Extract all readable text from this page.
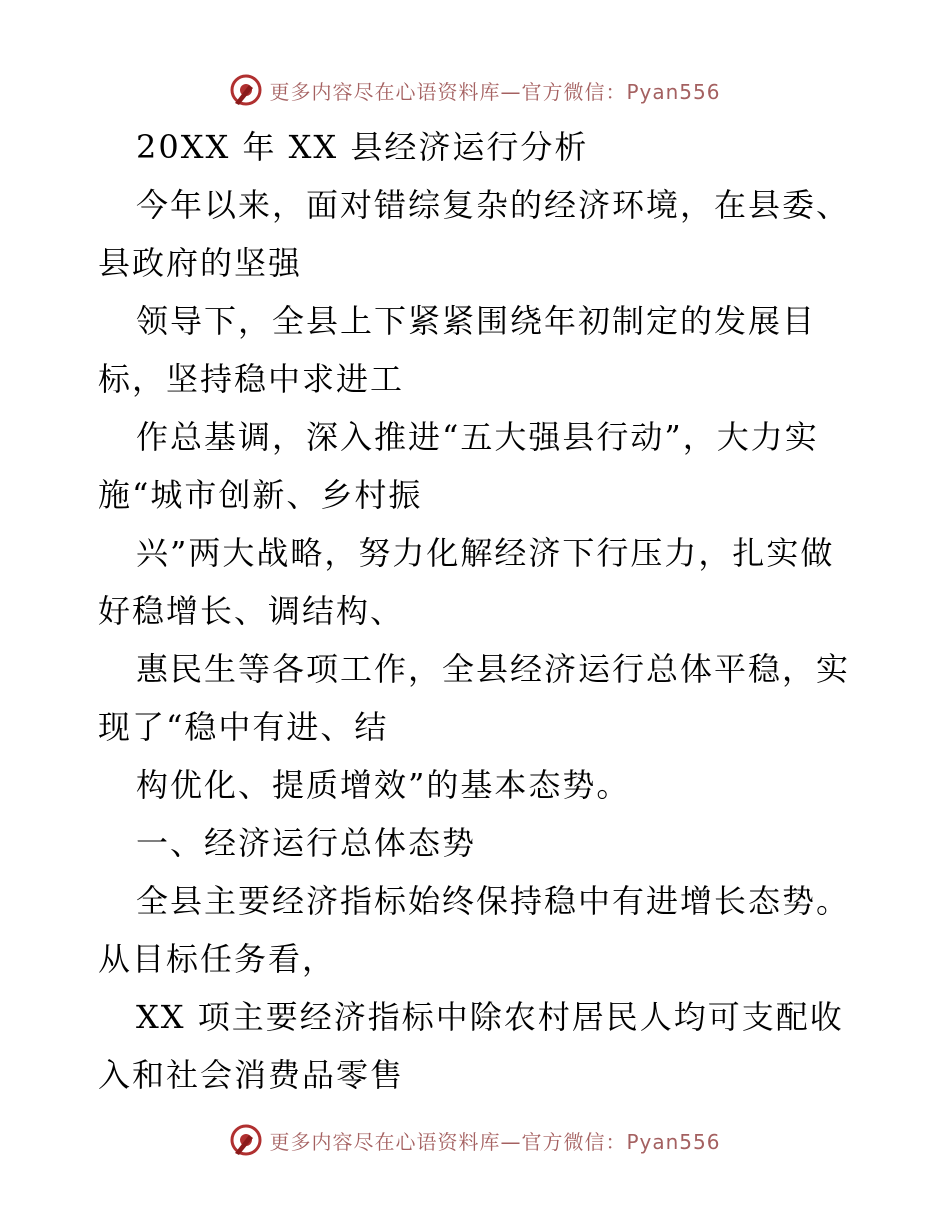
更多内容尽在心语资料库—官方微信：Pyan556
20XX 年 XX 县经济运行分析
今年以来，面对错综复杂的经济环境，在县委、
县政府的坚强
领导下，全县上下紧紧围绕年初制定的发展目
标，坚持稳中求进工
作总基调，深入推进“五大强县行动”，大力实
施“城市创新、乡村振
兴”两大战略，努力化解经济下行压力，扎实做
好稳增长、调结构、
惠民生等各项工作，全县经济运行总体平稳，实
现了“稳中有进、结
构优化、提质增效”的基本态势。
一、经济运行总体态势
全县主要经济指标始终保持稳中有进增长态势。
从目标任务看，
XX 项主要经济指标中除农村居民人均可支配收
入和社会消费品零售
更多内容尽在心语资料库—官方微信：Pyan556
